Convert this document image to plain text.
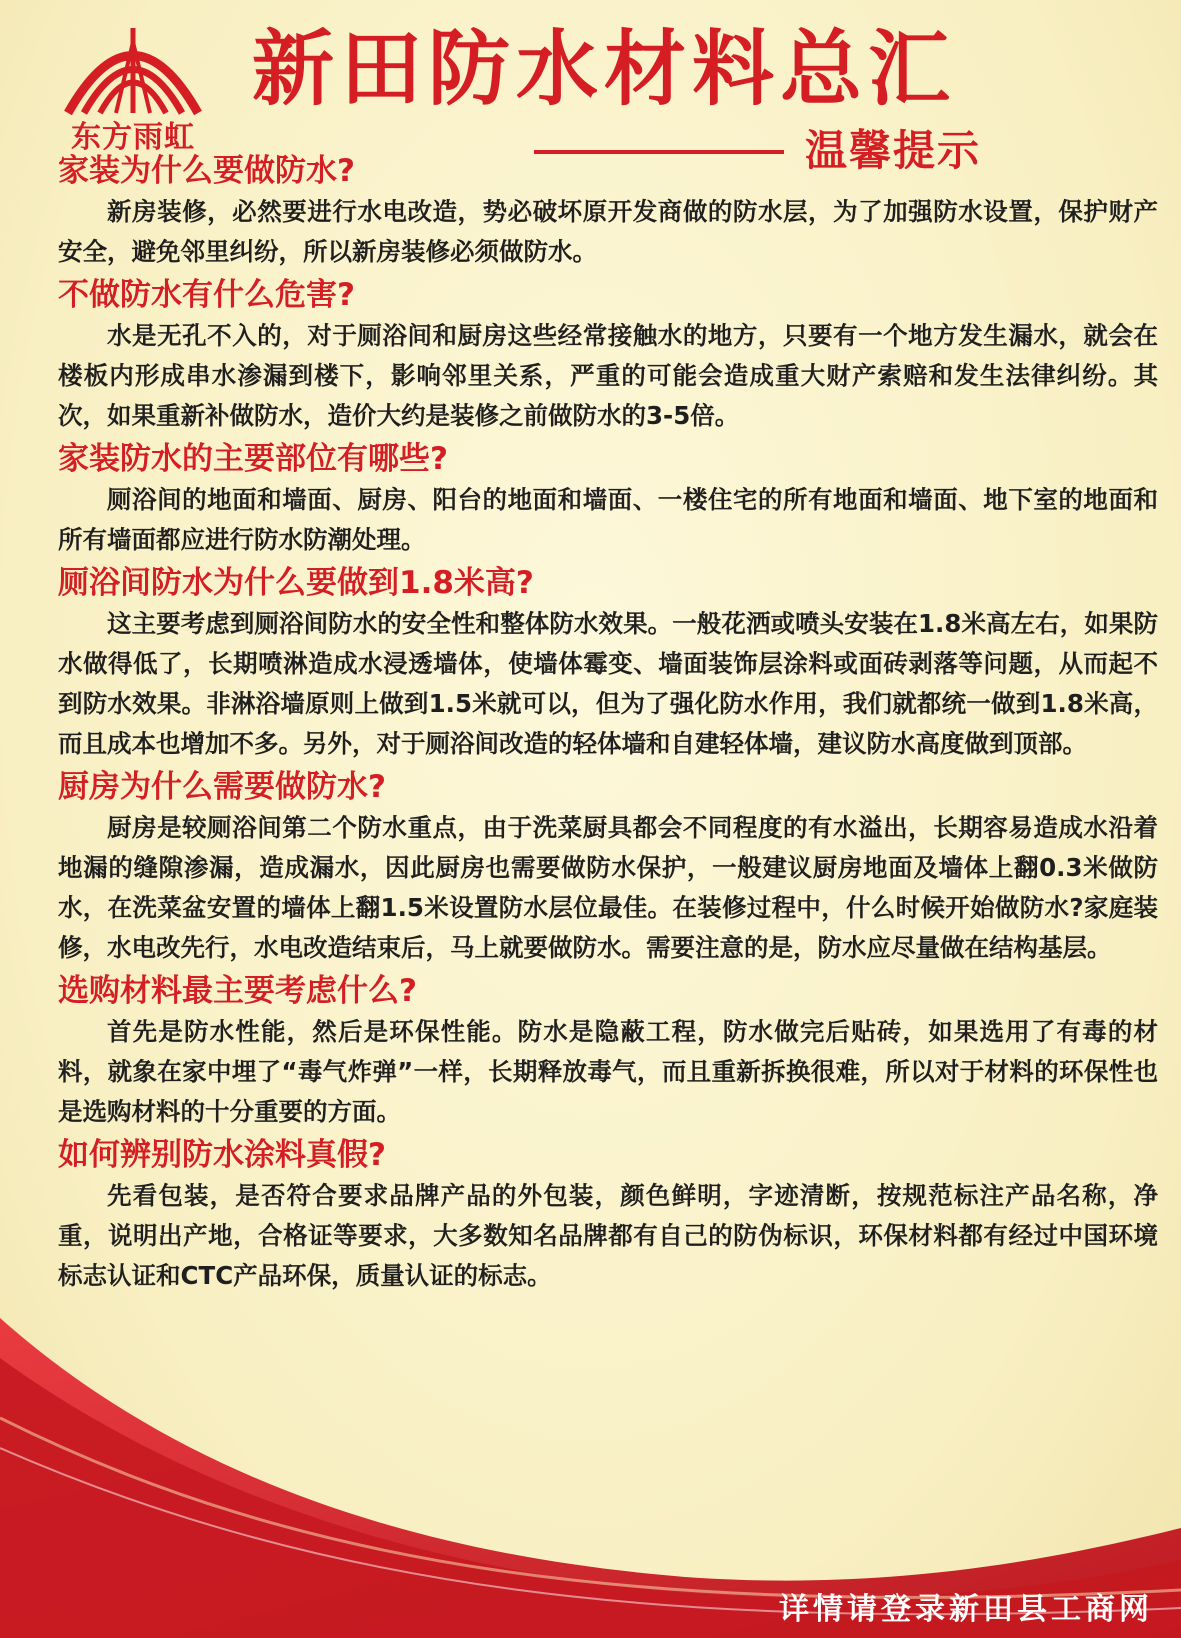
东方雨虹
新田防水材料总汇
温馨提示

家装为什么要做防水?

新房装修，必然要进行水电改造，势必破坏原开发商做的防水层，为了加强防水设置，保护财产安全，避免邻里纠纷，所以新房装修必须做防水。

不做防水有什么危害?

水是无孔不入的，对于厕浴间和厨房这些经常接触水的地方，只要有一个地方发生漏水，就会在楼板内形成串水渗漏到楼下，影响邻里关系，严重的可能会造成重大财产索赔和发生法律纠纷。其次，如果重新补做防水，造价大约是装修之前做防水的3-5倍。

家装防水的主要部位有哪些?

厕浴间的地面和墙面、厨房、阳台的地面和墙面、一楼住宅的所有地面和墙面、地下室的地面和所有墙面都应进行防水防潮处理。

厕浴间防水为什么要做到1.8米高?

这主要考虑到厕浴间防水的安全性和整体防水效果。一般花洒或喷头安装在1.8米高左右，如果防水做得低了，长期喷淋造成水浸透墙体，使墙体霉变、墙面装饰层涂料或面砖剥落等问题，从而起不到防水效果。非淋浴墙原则上做到1.5米就可以，但为了强化防水作用，我们就都统一做到1.8米高，而且成本也增加不多。另外，对于厕浴间改造的轻体墙和自建轻体墙，建议防水高度做到顶部。

厨房为什么需要做防水?

厨房是较厕浴间第二个防水重点，由于洗菜厨具都会不同程度的有水溢出，长期容易造成水沿着地漏的缝隙渗漏，造成漏水，因此厨房也需要做防水保护，一般建议厨房地面及墙体上翻0.3米做防水，在洗菜盆安置的墙体上翻1.5米设置防水层位最佳。在装修过程中，什么时候开始做防水?家庭装修，水电改先行，水电改造结束后，马上就要做防水。需要注意的是，防水应尽量做在结构基层。

选购材料最主要考虑什么?

首先是防水性能，然后是环保性能。防水是隐蔽工程，防水做完后贴砖，如果选用了有毒的材料，就象在家中埋了“毒气炸弹”一样，长期释放毒气，而且重新拆换很难，所以对于材料的环保性也是选购材料的十分重要的方面。

如何辨别防水涂料真假?

先看包装，是否符合要求品牌产品的外包装，颜色鲜明，字迹清断，按规范标注产品名称，净重，说明出产地，合格证等要求，大多数知名品牌都有自己的防伪标识，环保材料都有经过中国环境标志认证和CTC产品环保，质量认证的标志。

详情请登录新田县工商网
